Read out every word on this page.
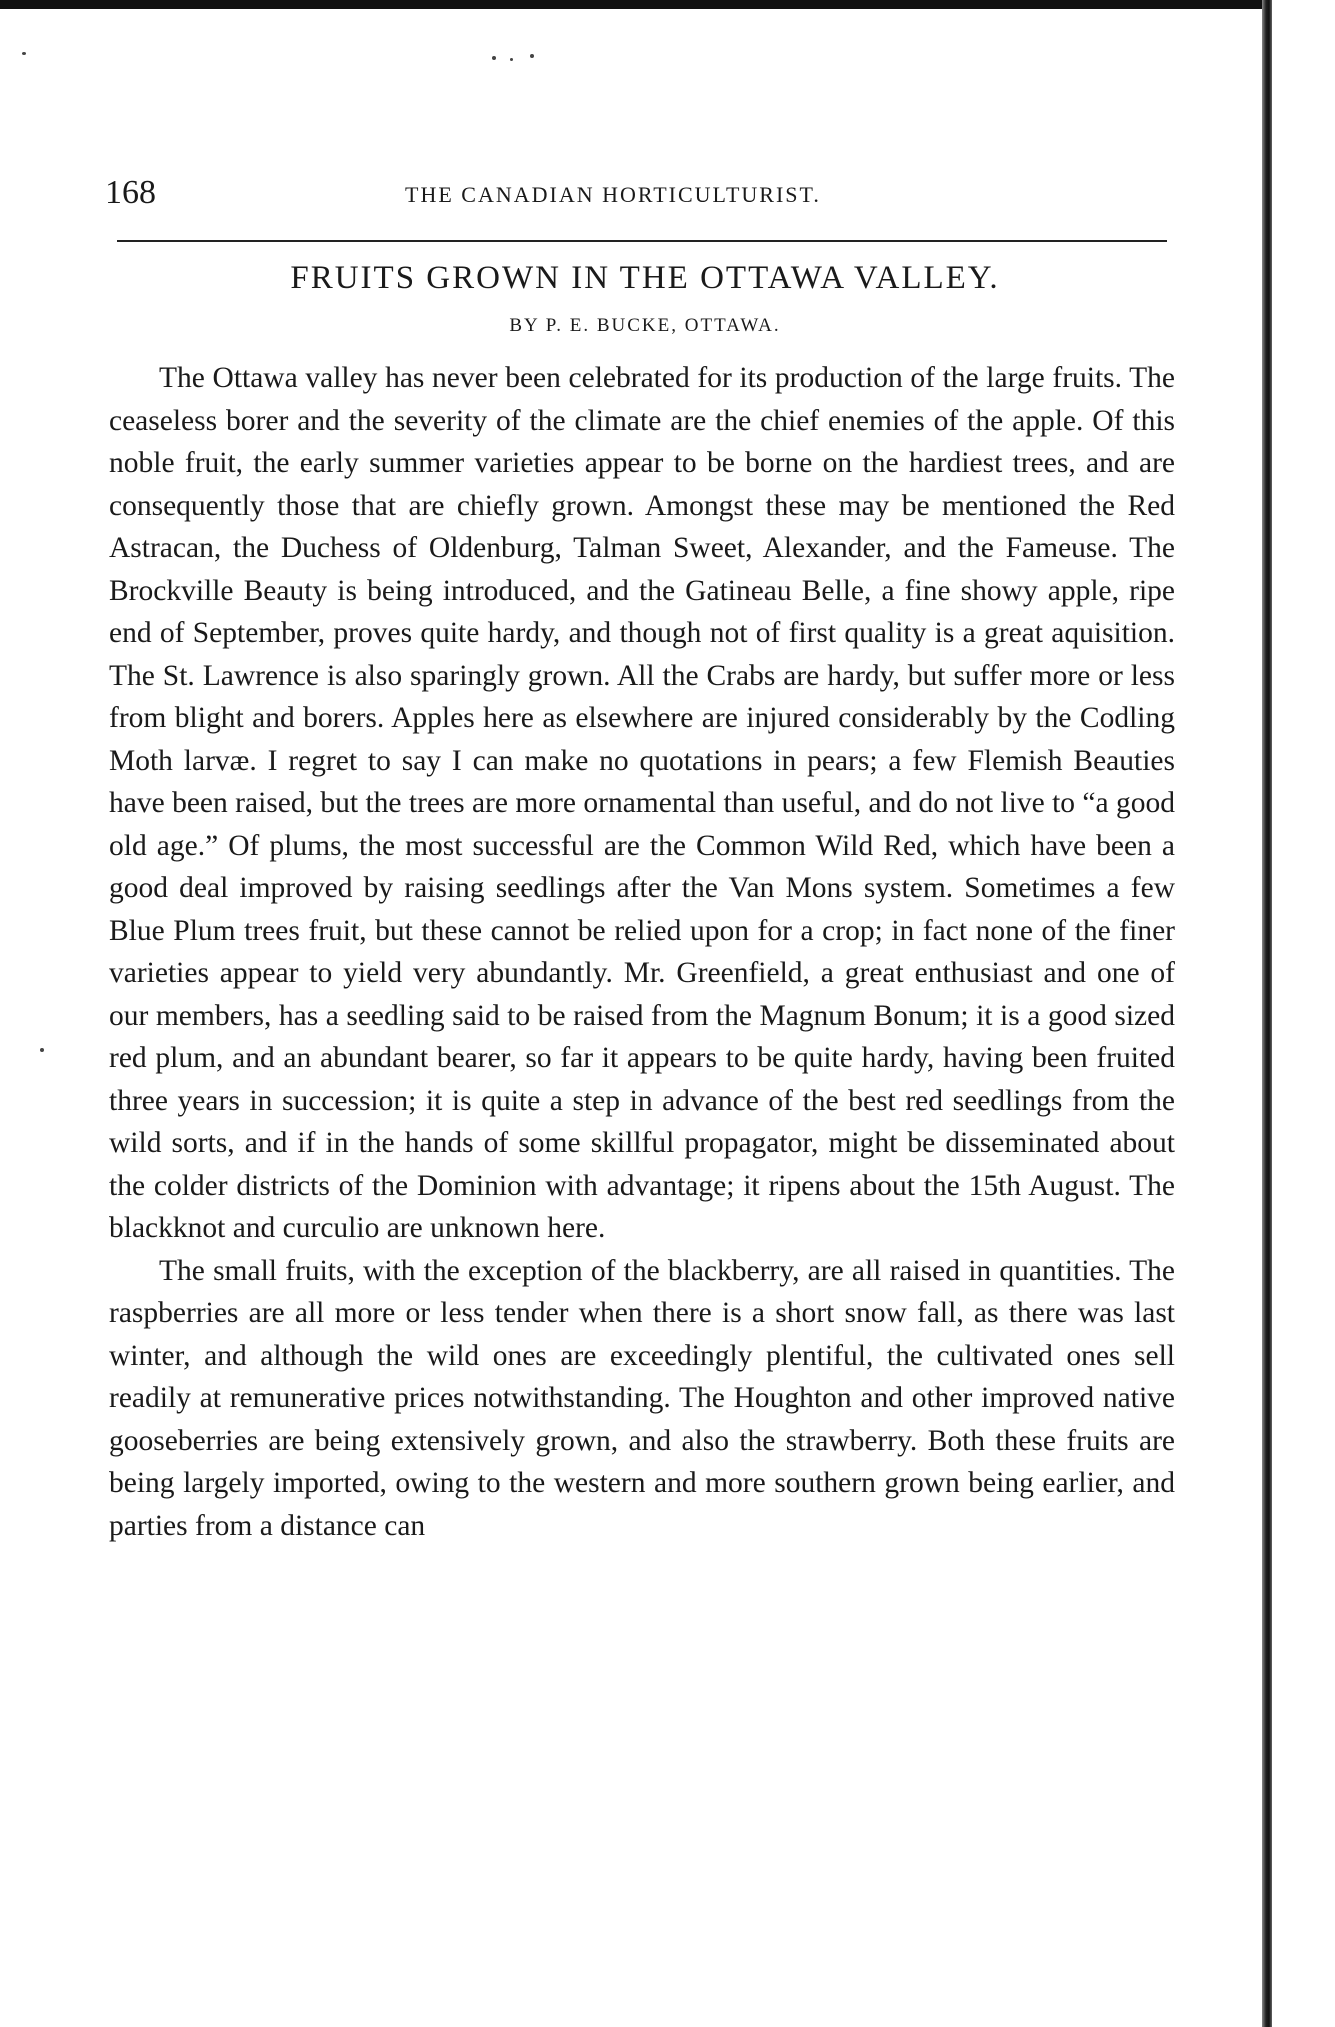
168	THE CANADIAN HORTICULTURIST.
FRUITS GROWN IN THE OTTAWA VALLEY.
BY P. E. BUCKE, OTTAWA.

The Ottawa valley has never been celebrated for its production of the large fruits. The ceaseless borer and the severity of the climate are the chief enemies of the apple. Of this noble fruit, the early summer varieties appear to be borne on the hardiest trees, and are consequently those that are chiefly grown. Amongst these may be mentioned the Red Astracan, the Duchess of Oldenburg, Talman Sweet, Alexander, and the Fameuse. The Brockville Beauty is being introduced, and the Gatineau Belle, a fine showy apple, ripe end of September, proves quite hardy, and though not of first quality is a great aquisition. The St. Lawrence is also sparingly grown. All the Crabs are hardy, but suffer more or less from blight and borers. Apples here as elsewhere are injured considerably by the Codling Moth larvæ. I regret to say I can make no quotations in pears; a few Flemish Beauties have been raised, but the trees are more ornamental than useful, and do not live to “a good old age.” Of plums, the most successful are the Common Wild Red, which have been a good deal improved by raising seedlings after the Van Mons system. Sometimes a few Blue Plum trees fruit, but these cannot be relied upon for a crop; in fact none of the finer varieties appear to yield very abundantly. Mr. Greenfield, a great enthusiast and one of our members, has a seedling said to be raised from the Magnum Bonum; it is a good sized red plum, and an abundant bearer, so far it appears to be quite hardy, having been fruited three years in succession; it is quite a step in advance of the best red seedlings from the wild sorts, and if in the hands of some skillful propagator, might be disseminated about the colder districts of the Dominion with advantage; it ripens about the 15th August. The blackknot and curculio are unknown here.

The small fruits, with the exception of the blackberry, are all raised in quantities. The raspberries are all more or less tender when there is a short snow fall, as there was last winter, and although the wild ones are exceedingly plentiful, the cultivated ones sell readily at remunerative prices notwithstanding. The Houghton and other improved native gooseberries are being extensively grown, and also the strawberry. Both these fruits are being largely imported, owing to the western and more southern grown being earlier, and parties from a distance can
